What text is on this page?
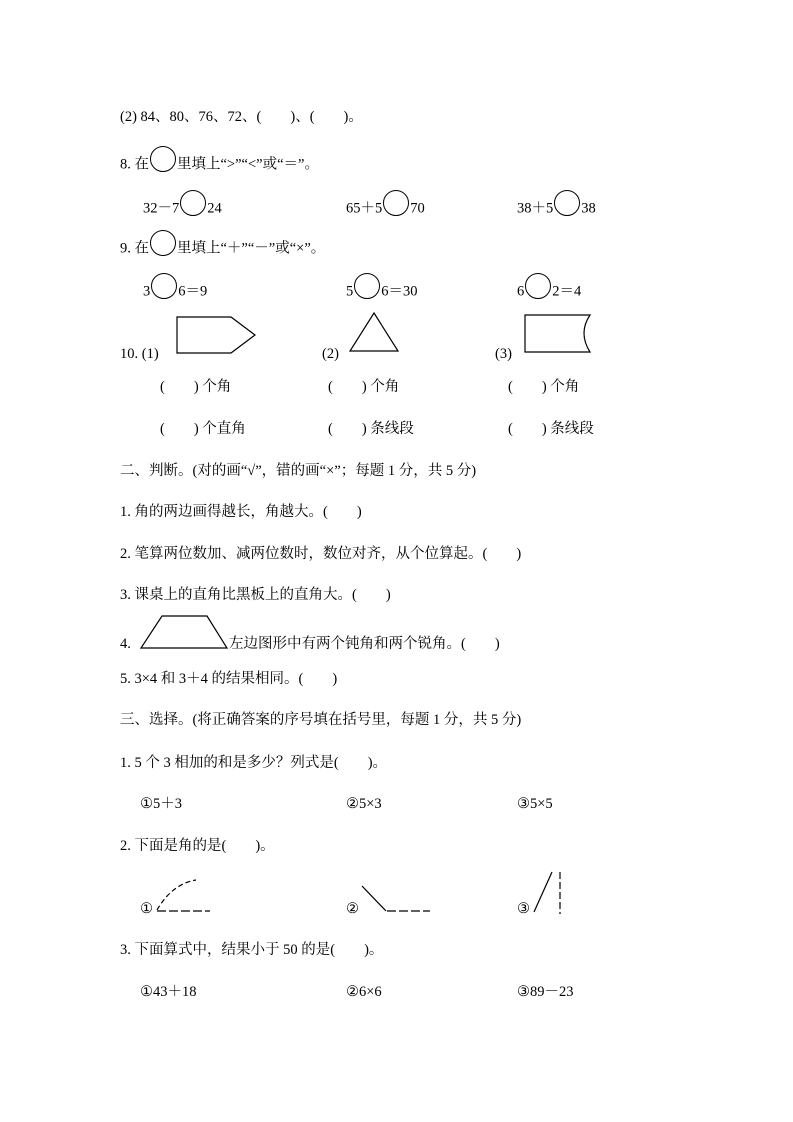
(2) 84、80、76、72、(　　)、(　　)。
8. 在 里填上“>”“<”或“＝”。
32－7 24	65＋5 70	38＋5 38
9. 在 里填上“＋”“－”或“×”。
3 6＝9	5 6＝30	6 2＝4
10. (1)	(2)	(3)
(　　) 个角	(　　) 个角	(　　) 个角
(　　) 个直角	(　　) 条线段	(　　) 条线段
二、判断。(对的画“√”，错的画“×”；每题 1 分，共 5 分)
1. 角的两边画得越长，角越大。(　　)
2. 笔算两位数加、减两位数时，数位对齐，从个位算起。(　　)
3. 课桌上的直角比黑板上的直角大。(　　)
4.	左边图形中有两个钝角和两个锐角。(　　)
5. 3×4 和 3＋4 的结果相同。(　　)
三、选择。(将正确答案的序号填在括号里，每题 1 分，共 5 分)
1. 5 个 3 相加的和是多少？列式是(　　)。
①5＋3	②5×3	③5×5
2. 下面是角的是(　　)。
①	②	③
3. 下面算式中，结果小于 50 的是(　　)。
①43＋18	②6×6	③89－23
